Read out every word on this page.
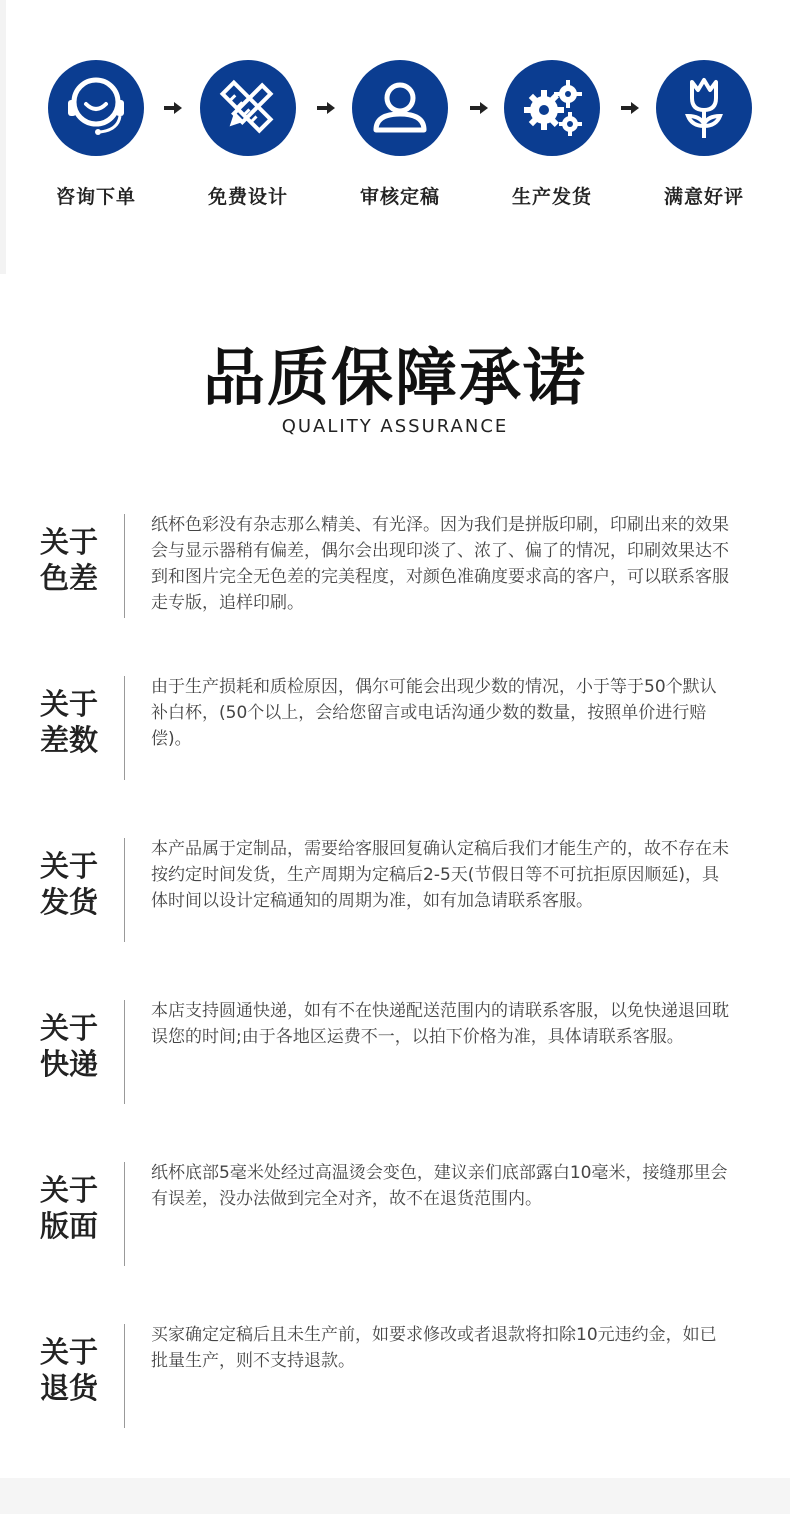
咨询下单	免费设计	审核定稿	生产发货	满意好评
品质保障承诺
QUALITY ASSURANCE
关于
色差
纸杯色彩没有杂志那么精美、有光泽。因为我们是拼版印刷，印刷出来的效果会与显示器稍有偏差，偶尔会出现印淡了、浓了、偏了的情况，印刷效果达不到和图片完全无色差的完美程度，对颜色准确度要求高的客户，可以联系客服走专版，追样印刷。
关于
差数
由于生产损耗和质检原因，偶尔可能会出现少数的情况，小于等于50个默认补白杯，(50个以上，会给您留言或电话沟通少数的数量，按照单价进行赔偿)。
关于
发货
本产品属于定制品，需要给客服回复确认定稿后我们才能生产的，故不存在未按约定时间发货，生产周期为定稿后2-5天(节假日等不可抗拒原因顺延)，具体时间以设计定稿通知的周期为准，如有加急请联系客服。
关于
快递
本店支持圆通快递，如有不在快递配送范围内的请联系客服，以免快递退回耽误您的时间;由于各地区运费不一，以拍下价格为准，具体请联系客服。
关于
版面
纸杯底部5毫米处经过高温烫会变色，建议亲们底部露白10毫米，接缝那里会有误差，没办法做到完全对齐，故不在退货范围内。
关于
退货
买家确定定稿后且未生产前，如要求修改或者退款将扣除10元违约金，如已批量生产，则不支持退款。
